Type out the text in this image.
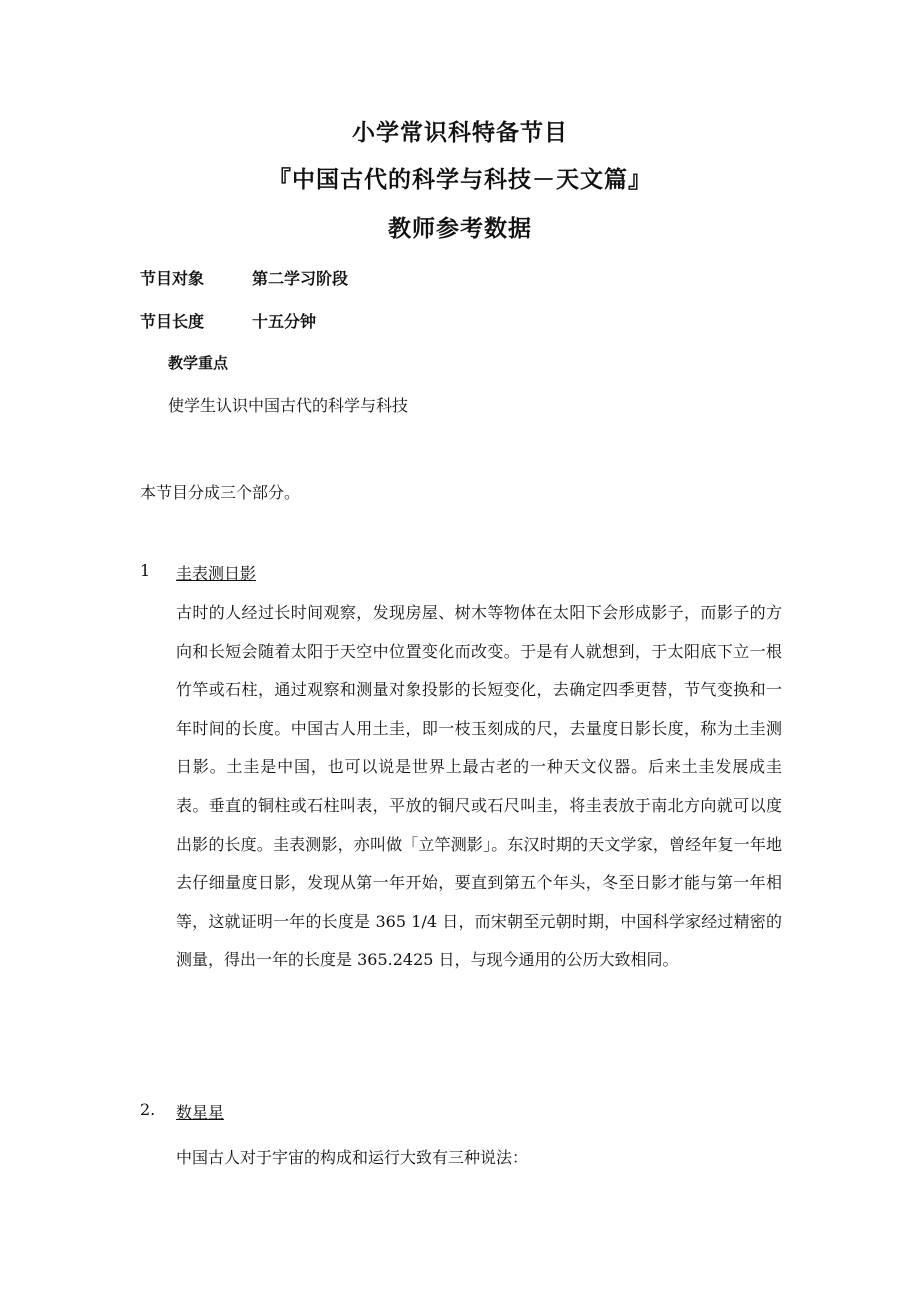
小学常识科特备节目
『中国古代的科学与科技－天文篇』
教师参考数据
节目对象	第二学习阶段
节目长度	十五分钟
教学重点
使学生认识中国古代的科学与科技
本节目分成三个部分。
1 圭表测日影

古时的人经过长时间观察，发现房屋、树木等物体在太阳下会形成影子，而影子的方向和长短会随着太阳于天空中位置变化而改变。于是有人就想到，于太阳底下立一根竹竿或石柱，通过观察和测量对象投影的长短变化，去确定四季更替，节气变换和一年时间的长度。中国古人用土圭，即一枝玉刻成的尺，去量度日影长度，称为土圭测日影。土圭是中国，也可以说是世界上最古老的一种天文仪器。后来土圭发展成圭表。垂直的铜柱或石柱叫表，平放的铜尺或石尺叫圭，将圭表放于南北方向就可以度出影的长度。圭表测影，亦叫做「立竿测影」。东汉时期的天文学家，曾经年复一年地去仔细量度日影，发现从第一年开始，要直到第五个年头，冬至日影才能与第一年相等，这就证明一年的长度是 365 1/4 日，而宋朝至元朝时期，中国科学家经过精密的测量，得出一年的长度是 365.2425 日，与现今通用的公历大致相同。

2. 数星星

中国古人对于宇宙的构成和运行大致有三种说法：
